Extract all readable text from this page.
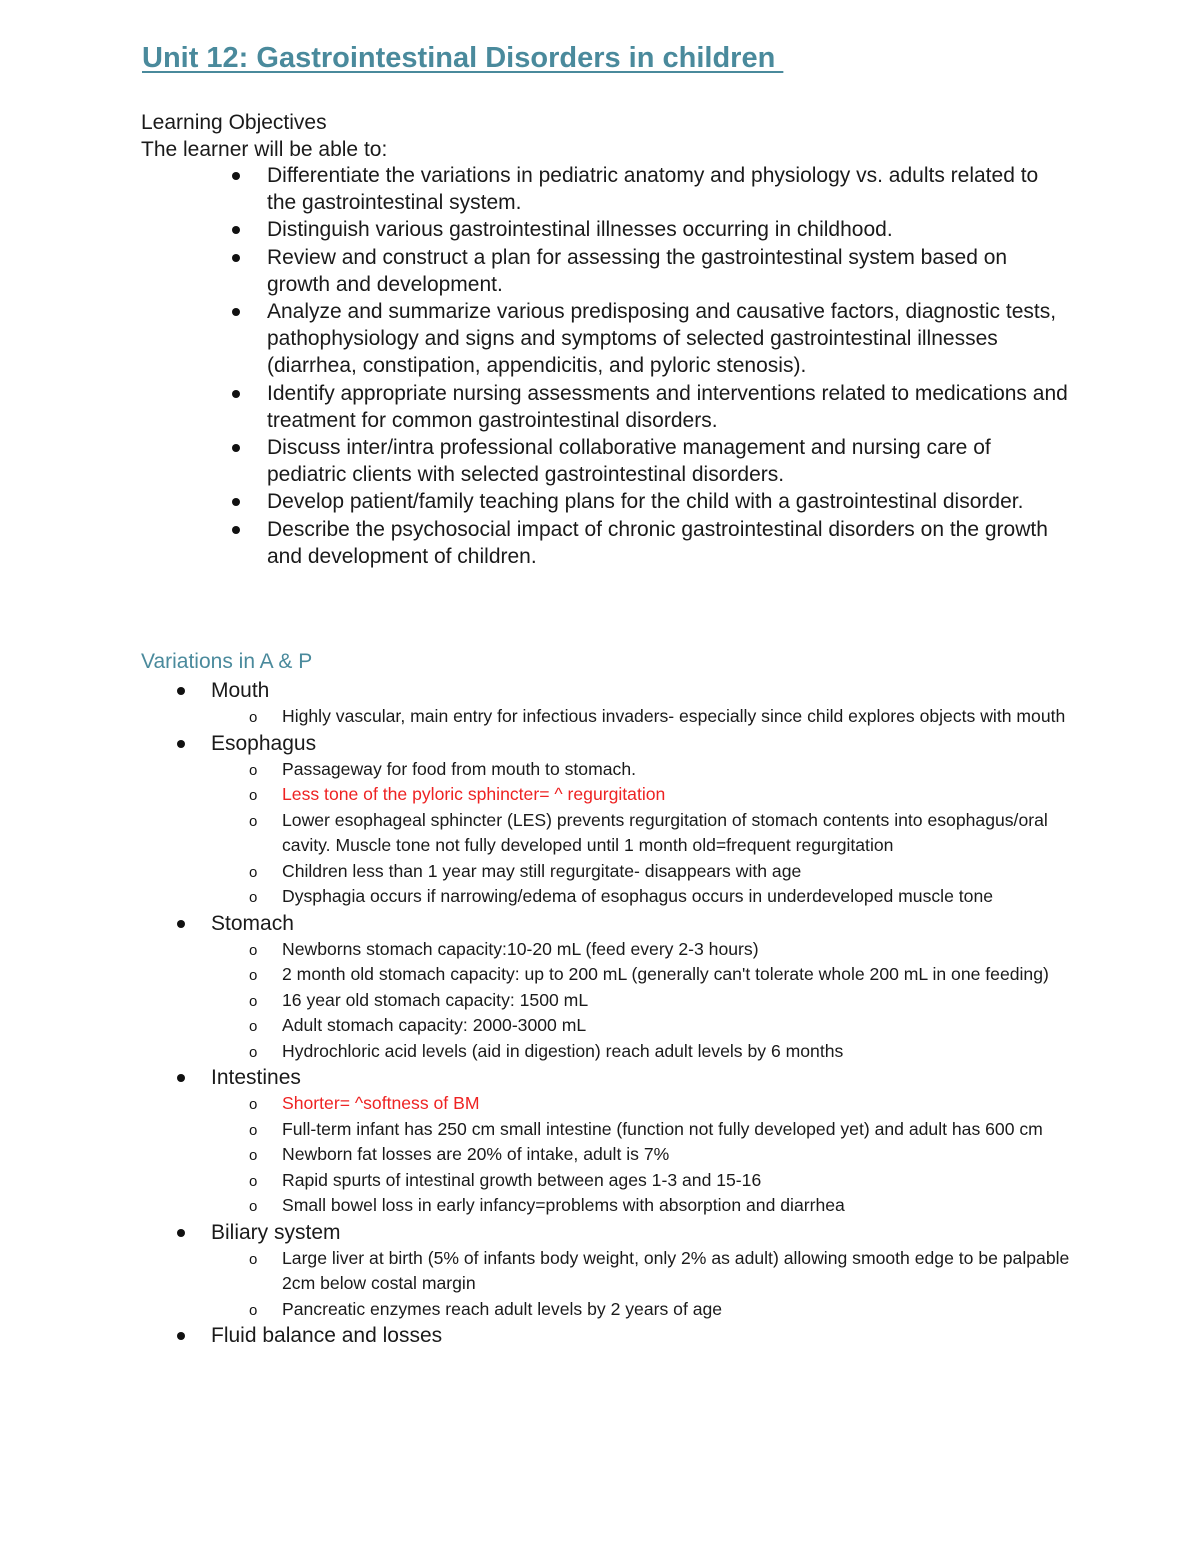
Unit 12: Gastrointestinal Disorders in children
Learning Objectives
The learner will be able to:
Differentiate the variations in pediatric anatomy and physiology vs. adults related to the gastrointestinal system.
Distinguish various gastrointestinal illnesses occurring in childhood.
Review and construct a plan for assessing the gastrointestinal system based on growth and development.
Analyze and summarize various predisposing and causative factors, diagnostic tests, pathophysiology and signs and symptoms of selected gastrointestinal illnesses (diarrhea, constipation, appendicitis, and pyloric stenosis).
Identify appropriate nursing assessments and interventions related to medications and treatment for common gastrointestinal disorders.
Discuss inter/intra professional collaborative management and nursing care of pediatric clients with selected gastrointestinal disorders.
Develop patient/family teaching plans for the child with a gastrointestinal disorder.
Describe the psychosocial impact of chronic gastrointestinal disorders on the growth and development of children.
Variations in A & P
Mouth
o Highly vascular, main entry for infectious invaders- especially since child explores objects with mouth
Esophagus
o Passageway for food from mouth to stomach.
o Less tone of the pyloric sphincter= ^ regurgitation
o Lower esophageal sphincter (LES) prevents regurgitation of stomach contents into esophagus/oral cavity. Muscle tone not fully developed until 1 month old=frequent regurgitation
o Children less than 1 year may still regurgitate- disappears with age
o Dysphagia occurs if narrowing/edema of esophagus occurs in underdeveloped muscle tone
Stomach
o Newborns stomach capacity:10-20 mL (feed every 2-3 hours)
o 2 month old stomach capacity: up to 200 mL (generally can't tolerate whole 200 mL in one feeding)
o 16 year old stomach capacity: 1500 mL
o Adult stomach capacity: 2000-3000 mL
o Hydrochloric acid levels (aid in digestion) reach adult levels by 6 months
Intestines
o Shorter= ^softness of BM
o Full-term infant has 250 cm small intestine (function not fully developed yet) and adult has 600 cm
o Newborn fat losses are 20% of intake, adult is 7%
o Rapid spurts of intestinal growth between ages 1-3 and 15-16
o Small bowel loss in early infancy=problems with absorption and diarrhea
Biliary system
o Large liver at birth (5% of infants body weight, only 2% as adult) allowing smooth edge to be palpable 2cm below costal margin
o Pancreatic enzymes reach adult levels by 2 years of age
Fluid balance and losses
